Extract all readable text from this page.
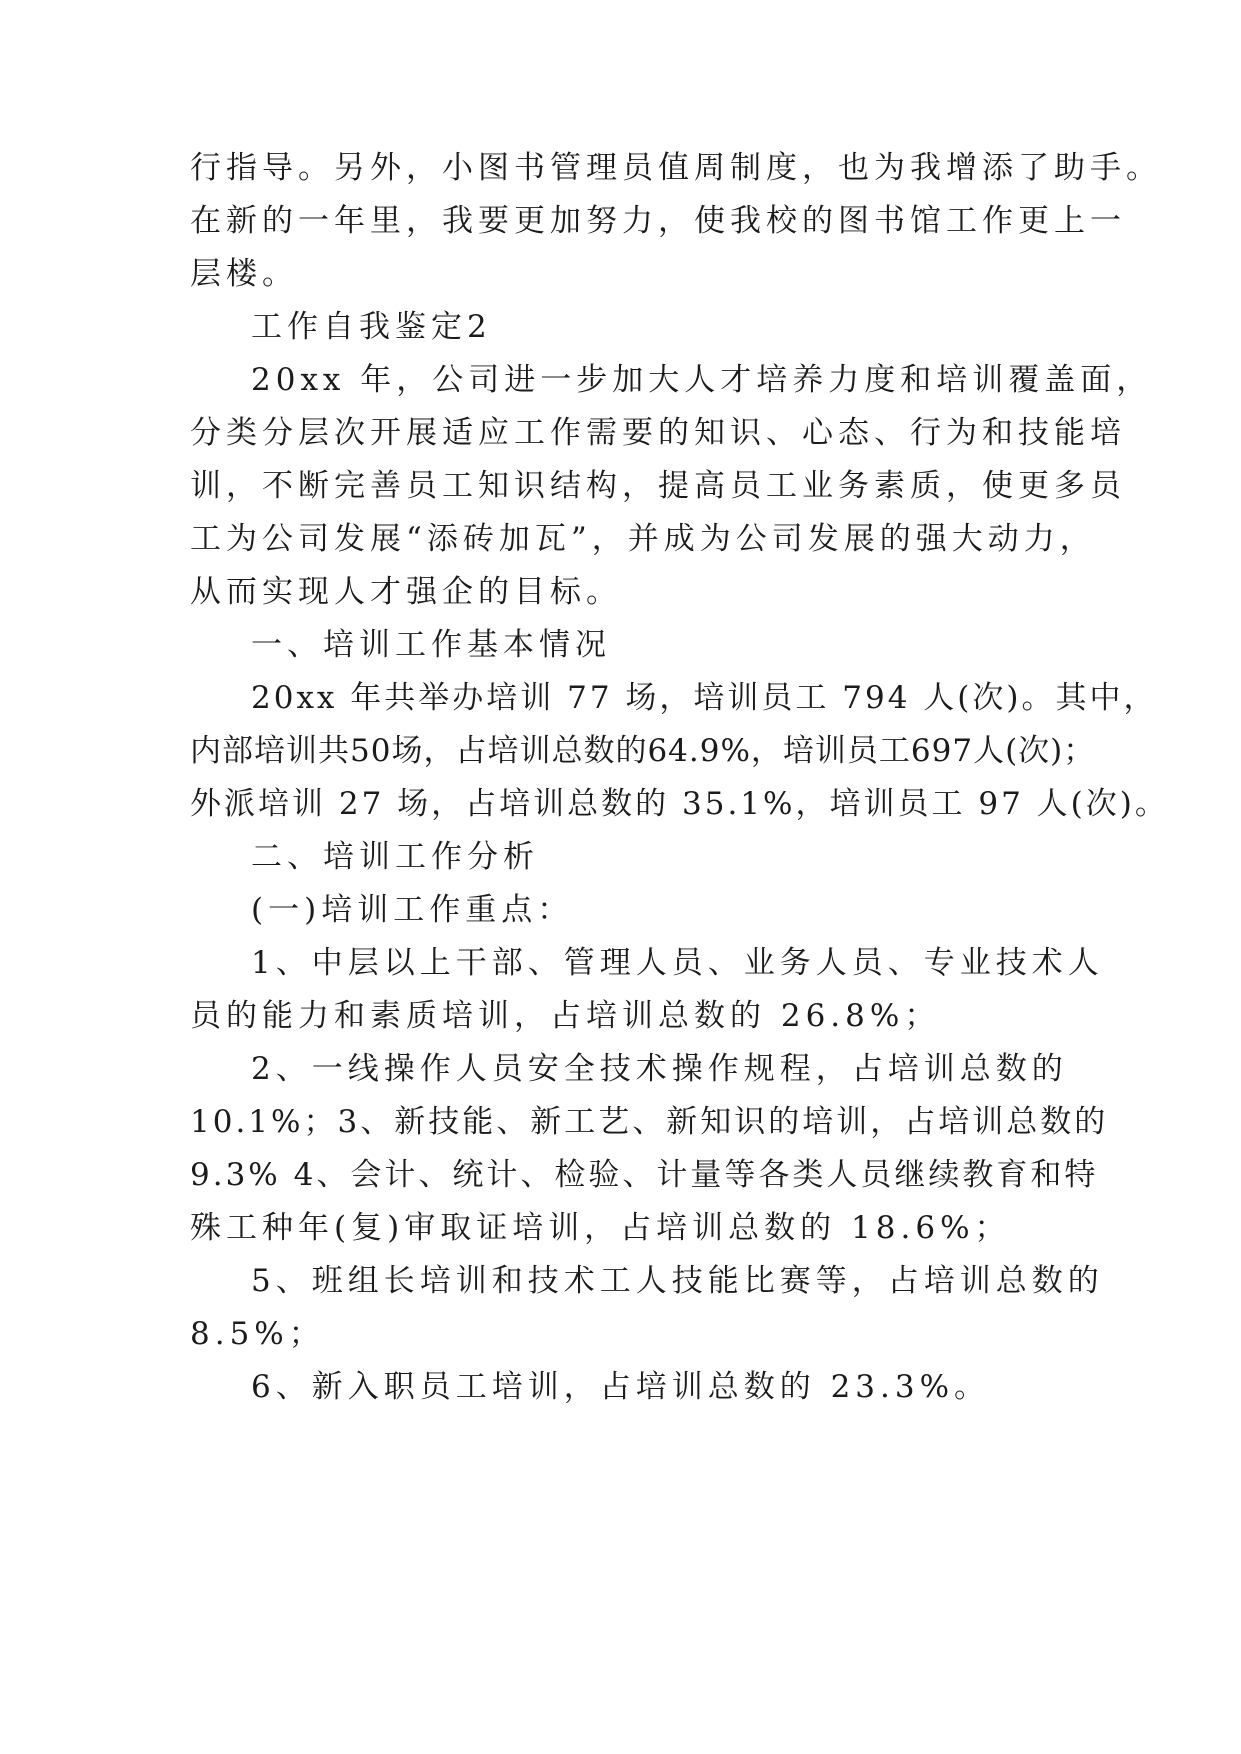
行指导。另外，小图书管理员值周制度，也为我增添了助手。
在新的一年里，我要更加努力，使我校的图书馆工作更上一
层楼。
工作自我鉴定2
20xx 年，公司进一步加大人才培养力度和培训覆盖面，
分类分层次开展适应工作需要的知识、心态、行为和技能培
训，不断完善员工知识结构，提高员工业务素质，使更多员
工为公司发展“添砖加瓦”，并成为公司发展的强大动力，
从而实现人才强企的目标。
一、培训工作基本情况
20xx 年共举办培训 77 场，培训员工 794 人(次)。其中，
内部培训共50场，占培训总数的64.9%，培训员工697人(次)；
外派培训 27 场，占培训总数的 35.1%，培训员工 97 人(次)。
二、培训工作分析
(一)培训工作重点：
1、中层以上干部、管理人员、业务人员、专业技术人
员的能力和素质培训，占培训总数的 26.8%；
2、一线操作人员安全技术操作规程，占培训总数的
10.1%；3、新技能、新工艺、新知识的培训，占培训总数的
9.3% 4、会计、统计、检验、计量等各类人员继续教育和特
殊工种年(复)审取证培训，占培训总数的 18.6%；
5、班组长培训和技术工人技能比赛等，占培训总数的
8.5%；
6、新入职员工培训，占培训总数的 23.3%。
